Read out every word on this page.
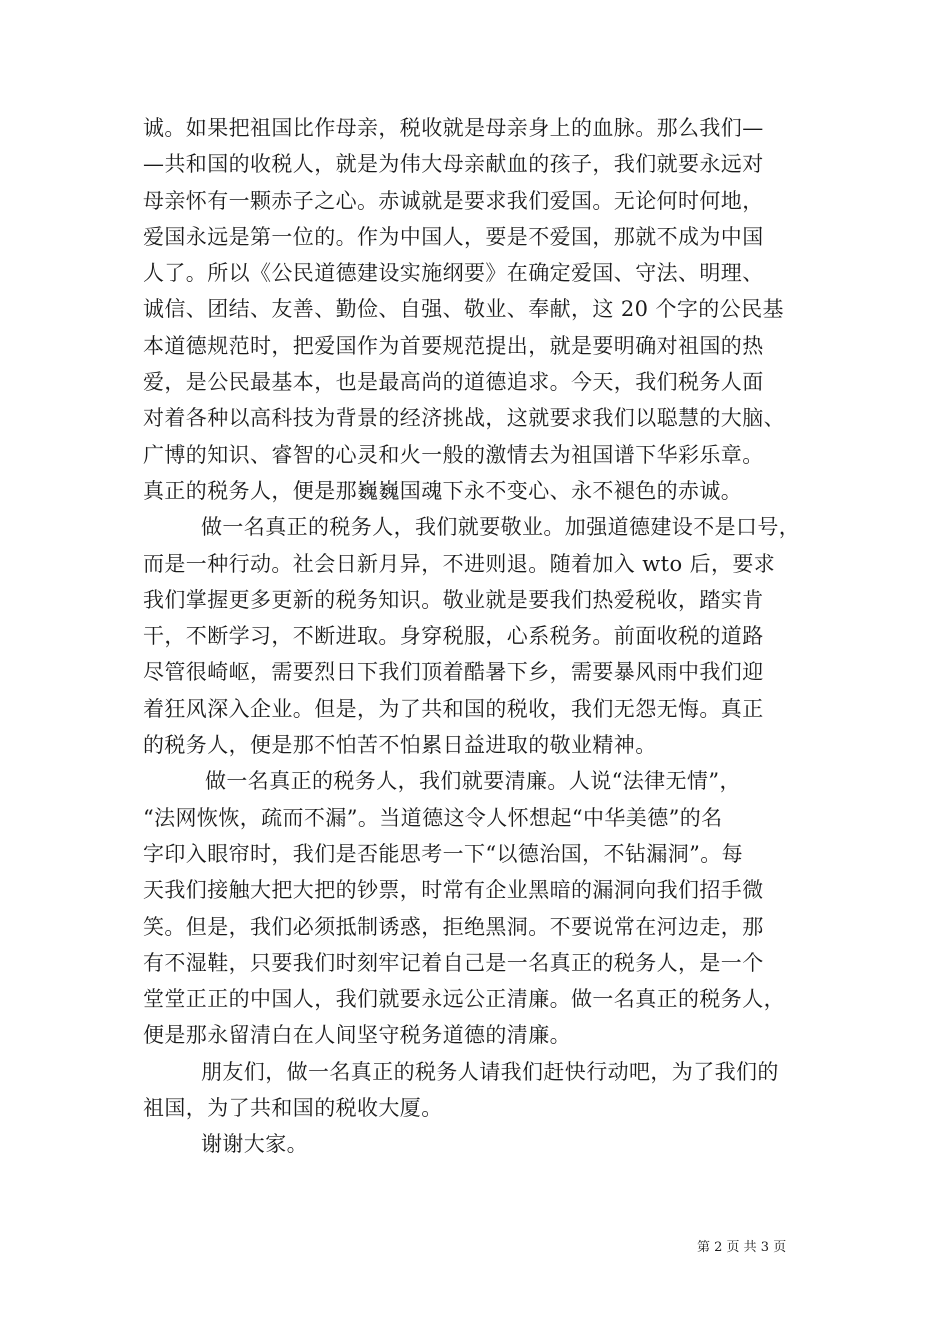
诚。如果把祖国比作母亲，税收就是母亲身上的血脉。那么我们—
—共和国的收税人，就是为伟大母亲献血的孩子，我们就要永远对
母亲怀有一颗赤子之心。赤诚就是要求我们爱国。无论何时何地，
爱国永远是第一位的。作为中国人，要是不爱国，那就不成为中国
人了。所以《公民道德建设实施纲要》在确定爱国、守法、明理、
诚信、团结、友善、勤俭、自强、敬业、奉献，这 20 个字的公民基
本道德规范时，把爱国作为首要规范提出，就是要明确对祖国的热
爱，是公民最基本，也是最高尚的道德追求。今天，我们税务人面
对着各种以高科技为背景的经济挑战，这就要求我们以聪慧的大脑、
广博的知识、睿智的心灵和火一般的激情去为祖国谱下华彩乐章。
真正的税务人，便是那巍巍国魂下永不变心、永不褪色的赤诚。
做一名真正的税务人，我们就要敬业。加强道德建设不是口号，
而是一种行动。社会日新月异，不进则退。随着加入 wto 后，要求
我们掌握更多更新的税务知识。敬业就是要我们热爱税收，踏实肯
干，不断学习，不断进取。身穿税服，心系税务。前面收税的道路
尽管很崎岖，需要烈日下我们顶着酷暑下乡，需要暴风雨中我们迎
着狂风深入企业。但是，为了共和国的税收，我们无怨无悔。真正
的税务人，便是那不怕苦不怕累日益进取的敬业精神。
做一名真正的税务人，我们就要清廉。人说“法律无情”，
“法网恢恢，疏而不漏”。当道德这令人怀想起“中华美德”的名
字印入眼帘时，我们是否能思考一下“以德治国，不钻漏洞”。每
天我们接触大把大把的钞票，时常有企业黑暗的漏洞向我们招手微
笑。但是，我们必须抵制诱惑，拒绝黑洞。不要说常在河边走，那
有不湿鞋，只要我们时刻牢记着自己是一名真正的税务人，是一个
堂堂正正的中国人，我们就要永远公正清廉。做一名真正的税务人，
便是那永留清白在人间坚守税务道德的清廉。
朋友们，做一名真正的税务人请我们赶快行动吧，为了我们的
祖国，为了共和国的税收大厦。
谢谢大家。
第 2 页 共 3 页
